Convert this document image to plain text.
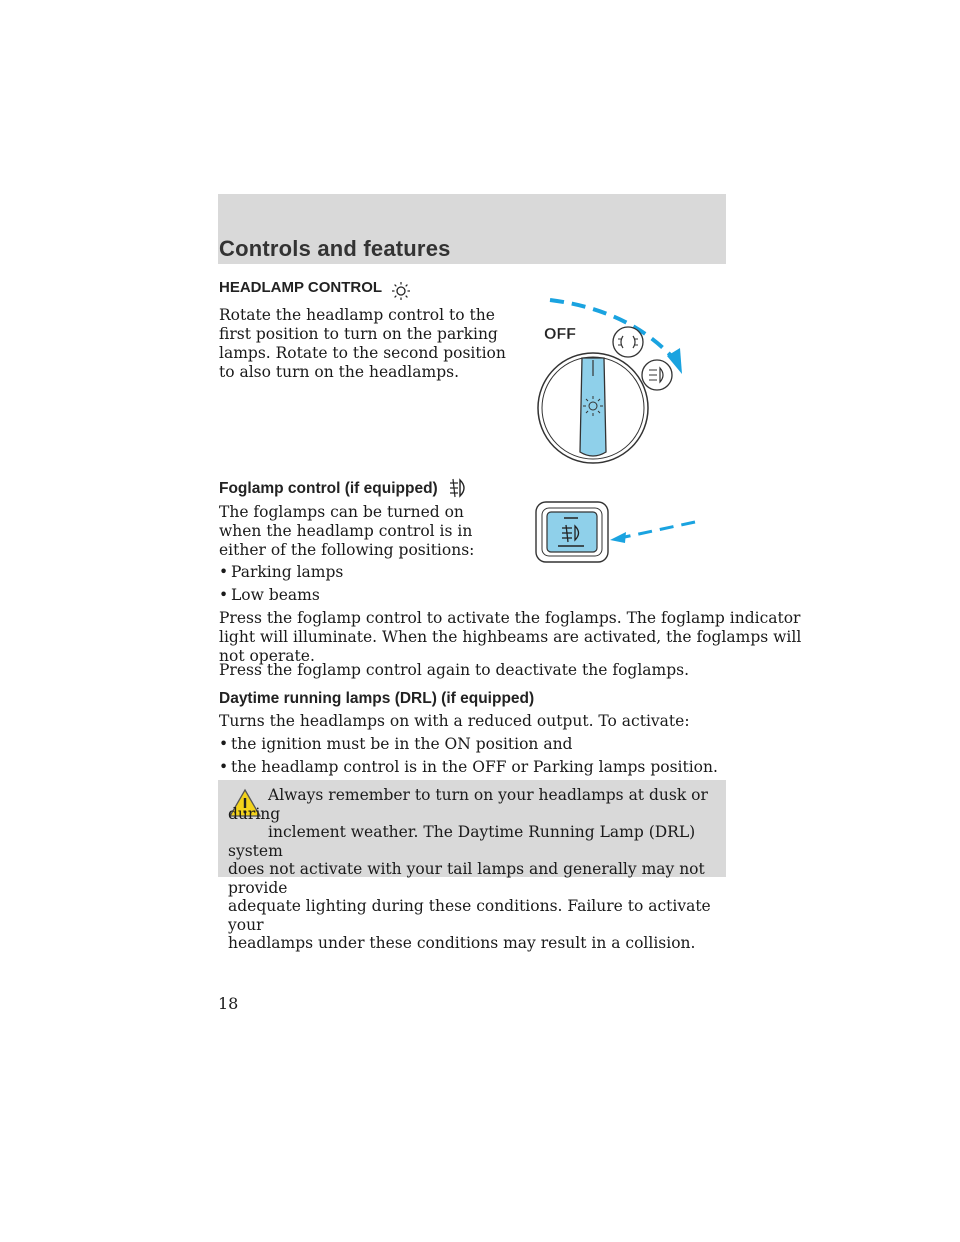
Controls and features
HEADLAMP CONTROL

Rotate the headlamp control to the

first position to turn on the parking

lamps. Rotate to the second position

to also turn on the headlamps.

OFF
Foglamp control (if equipped)

The foglamps can be turned on

when the headlamp control is in

either of the following positions:

• Parking lamps

• Low beams

Press the foglamp control to activate the foglamps. The foglamp indicator

light will illuminate. When the highbeams are activated, the foglamps will

not operate.

Press the foglamp control again to deactivate the foglamps.

Daytime running lamps (DRL) (if equipped)

Turns the headlamps on with a reduced output. To activate:

• the ignition must be in the ON position and

• the headlamp control is in the OFF or Parking lamps position.

Always remember to turn on your headlamps at dusk or during
inclement weather. The Daytime Running Lamp (DRL) system
does not activate with your tail lamps and generally may not provide
adequate lighting during these conditions. Failure to activate your
headlamps under these conditions may result in a collision.

18
